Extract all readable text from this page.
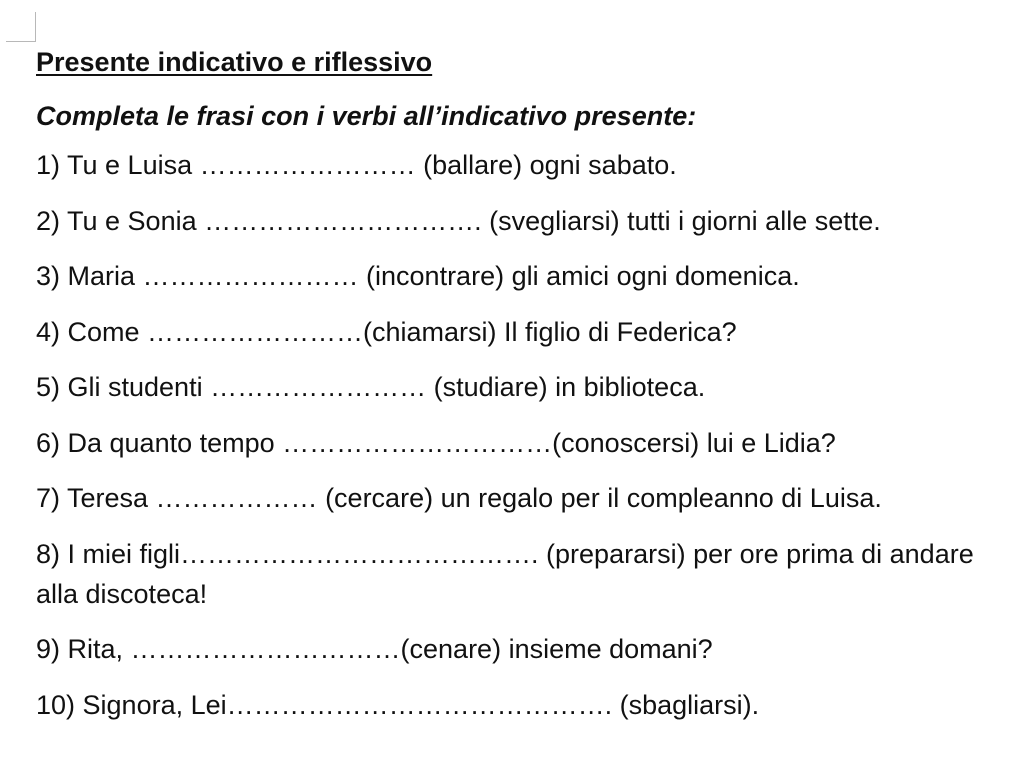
Presente indicativo e riflessivo

Completa le frasi con i verbi all’indicativo presente:

1) Tu e Luisa …………………… (ballare) ogni sabato.
2) Tu e Sonia …………………………. (svegliarsi) tutti i giorni alle sette.
3) Maria …………………… (incontrare) gli amici ogni domenica.
4) Come ……………………(chiamarsi) Il figlio di Federica?
5) Gli studenti …………………… (studiare) in biblioteca.
6) Da quanto tempo …………………………(conoscersi) lui e Lidia?
7) Teresa ……………… (cercare) un regalo per il compleanno di Luisa.
8) I miei figli…………………………………. (prepararsi) per ore prima di andare alla discoteca!
9) Rita, …………………………(cenare) insieme domani?
10) Signora, Lei……………………………………. (sbagliarsi).
